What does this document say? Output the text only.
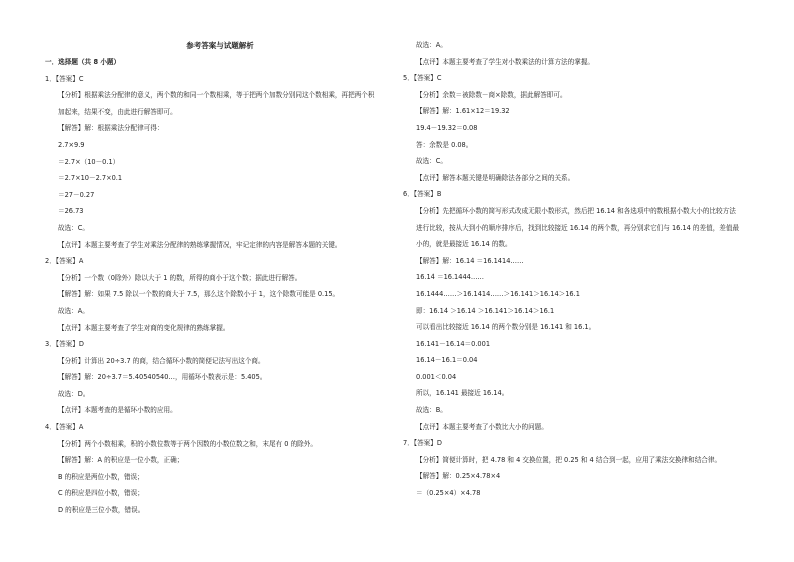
参考答案与试题解析
一．选择题（共 8 小题）
1．【答案】C
【分析】根据乘法分配律的意义，两个数的和同一个数相乘，等于把两个加数分别同这个数相乘，再把两个积
加起来，结果不变，由此进行解答即可。
【解答】解：根据乘法分配律可得：
2.7×9.9
＝2.7×（10－0.1）
＝2.7×10－2.7×0.1
＝27－0.27
＝26.73
故选：C。
【点评】本题主要考查了学生对乘法分配律的熟练掌握情况，牢记定律的内容是解答本题的关键。
2．【答案】A
【分析】一个数（0除外）除以大于 1 的数，所得的商小于这个数；据此进行解答。
【解答】解：如果 7.5 除以一个数的商大于 7.5，那么这个除数小于 1，这个除数可能是 0.15。
故选：A。
【点评】本题主要考查了学生对商的变化规律的熟练掌握。
3．【答案】D
【分析】计算出 20÷3.7 的商，结合循环小数的简便记法写出这个商。
【解答】解：20÷3.7＝5.40540540…，用循环小数表示是：5.405。
故选：D。
【点评】本题考查的是循环小数的应用。
4．【答案】A
【分析】两个小数相乘，积的小数位数等于两个因数的小数位数之和，末尾有 0 的除外。
【解答】解：A 的积应是一位小数，正确；
B 的积应是两位小数，错误；
C 的积应是四位小数，错误；
D 的积应是三位小数，错误。
故选：A。
【点评】本题主要考查了学生对小数乘法的计算方法的掌握。
5．【答案】C
【分析】余数＝被除数－商×除数，据此解答即可。
【解答】解：1.61×12＝19.32
19.4－19.32＝0.08
答：余数是 0.08。
故选：C。
【点评】解答本题关键是明确除法各部分之间的关系。
6．【答案】B
【分析】先把循环小数的简写形式改成无限小数形式，然后把 16.14 和各选项中的数根据小数大小的比较方法
进行比较，按从大到小的顺序排序后，找到比较接近 16.14 的两个数，再分别求它们与 16.14 的差值，差值最
小的，就是最接近 16.14 的数。
【解答】解：16.14̇ ＝16.1414……
16.14̇ ＝16.1444……
16.1444……＞16.1414……＞16.141＞16.14＞16.1
即：16.14̇ ＞16.14̇ ＞16.141＞16.14＞16.1
可以看出比较接近 16.14 的两个数分别是 16.141 和 16.1。
16.141－16.14＝0.001
16.14－16.1＝0.04
0.001＜0.04
所以，16.141 最接近 16.14。
故选：B。
【点评】本题主要考查了小数比大小的问题。
7．【答案】D
【分析】简便计算时，把 4.78 和 4 交换位置，把 0.25 和 4 结合到一起，应用了乘法交换律和结合律。
【解答】解：0.25×4.78×4
＝（0.25×4）×4.78
